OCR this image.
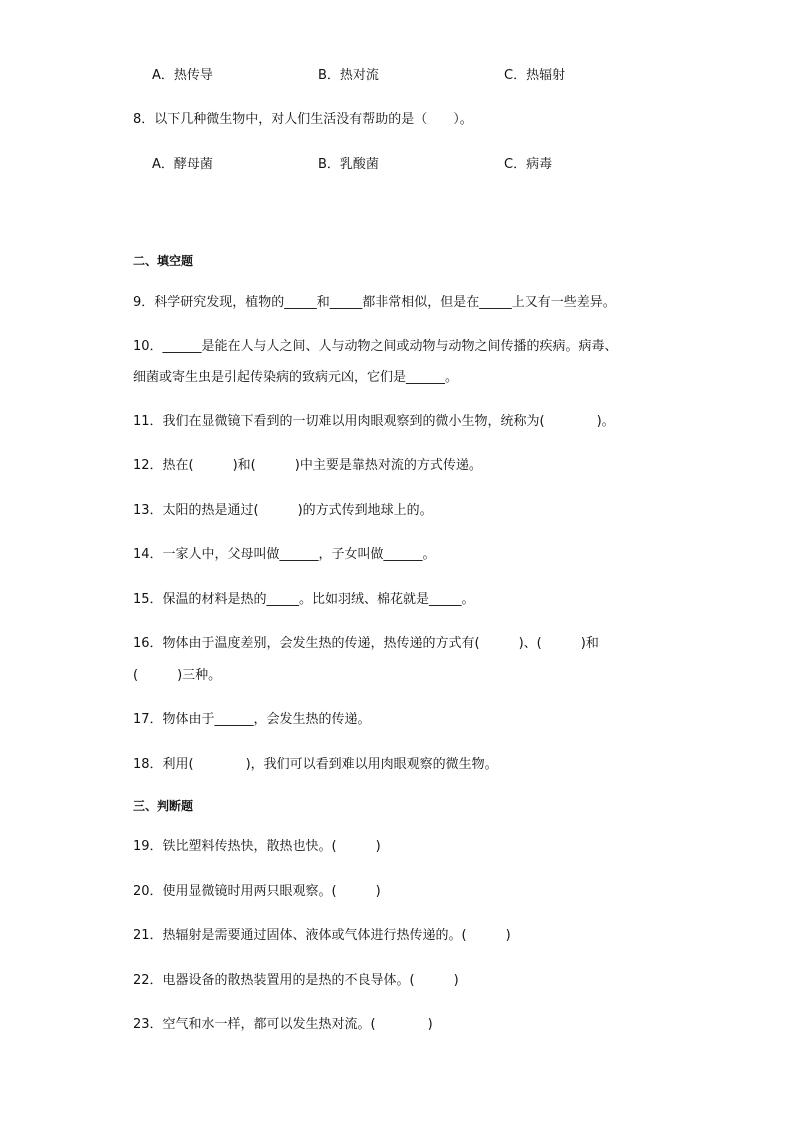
A．热传导	B．热对流	C．热辐射
8．以下几种微生物中，对人们生活没有帮助的是（　　）。
A．酵母菌	B．乳酸菌	C．病毒
二、填空题
9．科学研究发现，植物的_____和_____都非常相似，但是在_____上又有一些差异。
10．______是能在人与人之间、人与动物之间或动物与动物之间传播的疾病。病毒、
细菌或寄生虫是引起传染病的致病元凶，它们是______。
11．我们在显微镜下看到的一切难以用肉眼观察到的微小生物，统称为(　　　　)。
12．热在(　　　)和(　　　)中主要是靠热对流的方式传递。
13．太阳的热是通过(　　　)的方式传到地球上的。
14．一家人中，父母叫做______，子女叫做______。
15．保温的材料是热的_____。比如羽绒、棉花就是_____。
16．物体由于温度差别，会发生热的传递，热传递的方式有(　　　)、(　　　)和
(　　　)三种。
17．物体由于______，会发生热的传递。
18．利用(　　　　)，我们可以看到难以用肉眼观察的微生物。
三、判断题
19．铁比塑料传热快，散热也快。(　　　)
20．使用显微镜时用两只眼观察。(　　　)
21．热辐射是需要通过固体、液体或气体进行热传递的。(　　　)
22．电器设备的散热装置用的是热的不良导体。(　　　)
23．空气和水一样，都可以发生热对流。(　　　　)
